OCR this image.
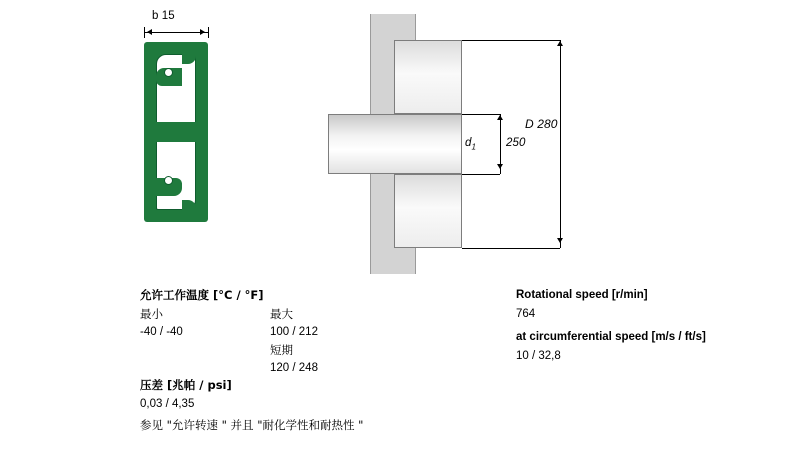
b 15
D 280
$d_1$	250
允许工作温度 [°C / °F]
最小	最大
-40 / -40	100 / 212
短期
120 / 248
压差 [兆帕 / psi]
0,03 / 4,35
参见 "允许转速 " 并且 "耐化学性和耐热性 "
Rotational speed [r/min]
764
at circumferential speed [m/s / ft/s]
10 / 32,8
